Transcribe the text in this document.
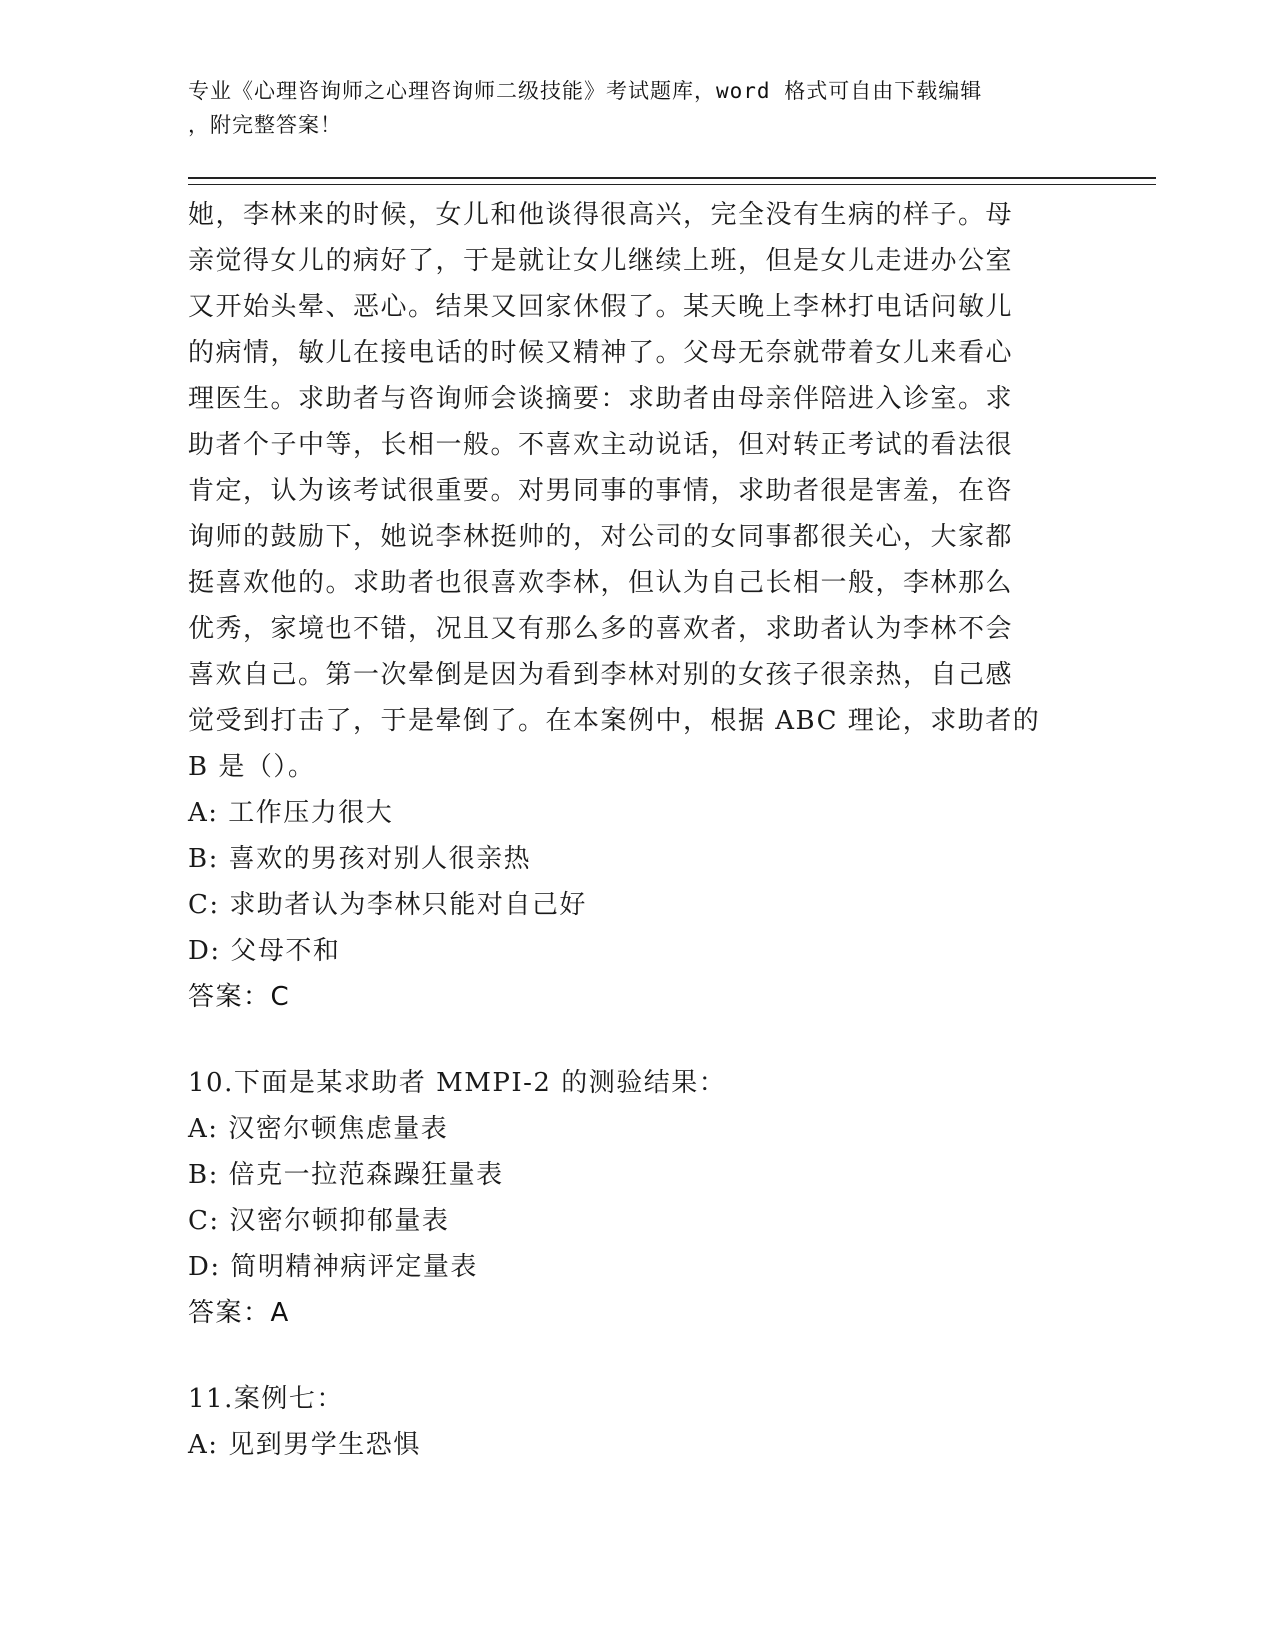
专业《心理咨询师之心理咨询师二级技能》考试题库，word 格式可自由下载编辑
，附完整答案！
她，李林来的时候，女儿和他谈得很高兴，完全没有生病的样子。母
亲觉得女儿的病好了，于是就让女儿继续上班，但是女儿走进办公室
又开始头晕、恶心。结果又回家休假了。某天晚上李林打电话问敏儿
的病情，敏儿在接电话的时候又精神了。父母无奈就带着女儿来看心
理医生。求助者与咨询师会谈摘要：求助者由母亲伴陪进入诊室。求
助者个子中等，长相一般。不喜欢主动说话，但对转正考试的看法很
肯定，认为该考试很重要。对男同事的事情，求助者很是害羞，在咨
询师的鼓励下，她说李林挺帅的，对公司的女同事都很关心，大家都
挺喜欢他的。求助者也很喜欢李林，但认为自己长相一般，李林那么
优秀，家境也不错，况且又有那么多的喜欢者，求助者认为李林不会
喜欢自己。第一次晕倒是因为看到李林对别的女孩子很亲热，自己感
觉受到打击了，于是晕倒了。在本案例中，根据 ABC 理论，求助者的
B 是（）。
A: 工作压力很大
B: 喜欢的男孩对别人很亲热
C: 求助者认为李林只能对自己好
D: 父母不和
答案：C
10.下面是某求助者 MMPI-2 的测验结果：
A: 汉密尔顿焦虑量表
B: 倍克一拉范森躁狂量表
C: 汉密尔顿抑郁量表
D: 简明精神病评定量表
答案：A
11.案例七：
A: 见到男学生恐惧
